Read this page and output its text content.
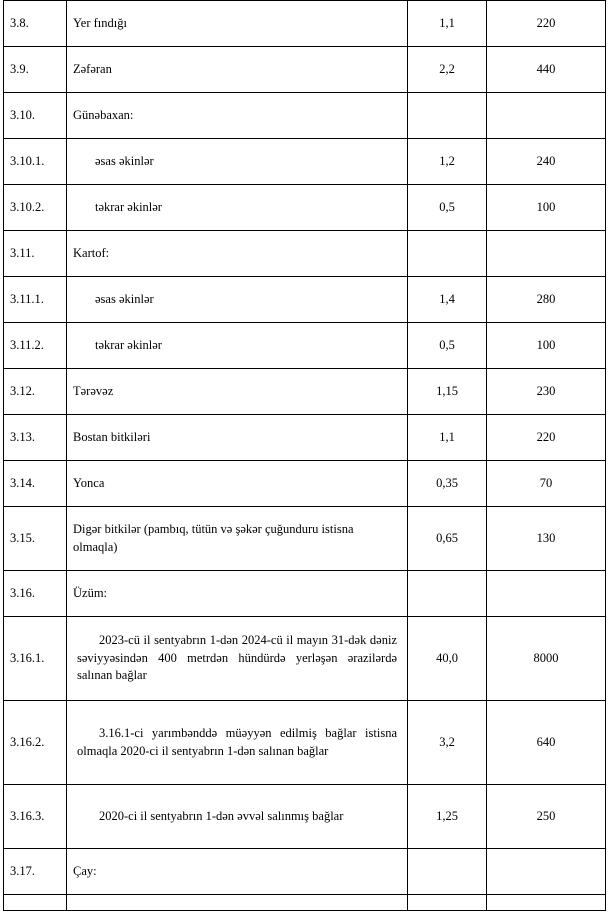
3.8.	Yer fındığı	1,1	220
3.9.	Zəfəran	2,2	440
3.10.	Günəbaxan:		
3.10.1.	əsas əkinlər	1,2	240
3.10.2.	təkrar əkinlər	0,5	100
3.11.	Kartof:		
3.11.1.	əsas əkinlər	1,4	280
3.11.2.	təkrar əkinlər	0,5	100
3.12.	Tərəvəz	1,15	230
3.13.	Bostan bitkiləri	1,1	220
3.14.	Yonca	0,35	70
3.15.	Digər bitkilər (pambıq, tütün və şəkər çuğunduru istisna olmaqla)	0,65	130
3.16.	Üzüm:		
3.16.1.	2023-cü il sentyabrın 1-dən 2024-cü il mayın 31-dək dəniz səviyyəsindən 400 metrdən hündürdə yerləşən ərazilərdə salınan bağlar	40,0	8000
3.16.2.	3.16.1-ci yarımbənddə müəyyən edilmiş bağlar istisna olmaqla 2020-ci il sentyabrın 1-dən salınan bağlar	3,2	640
3.16.3.	2020-ci il sentyabrın 1-dən əvvəl salınmış bağlar	1,25	250
3.17.	Çay:		
